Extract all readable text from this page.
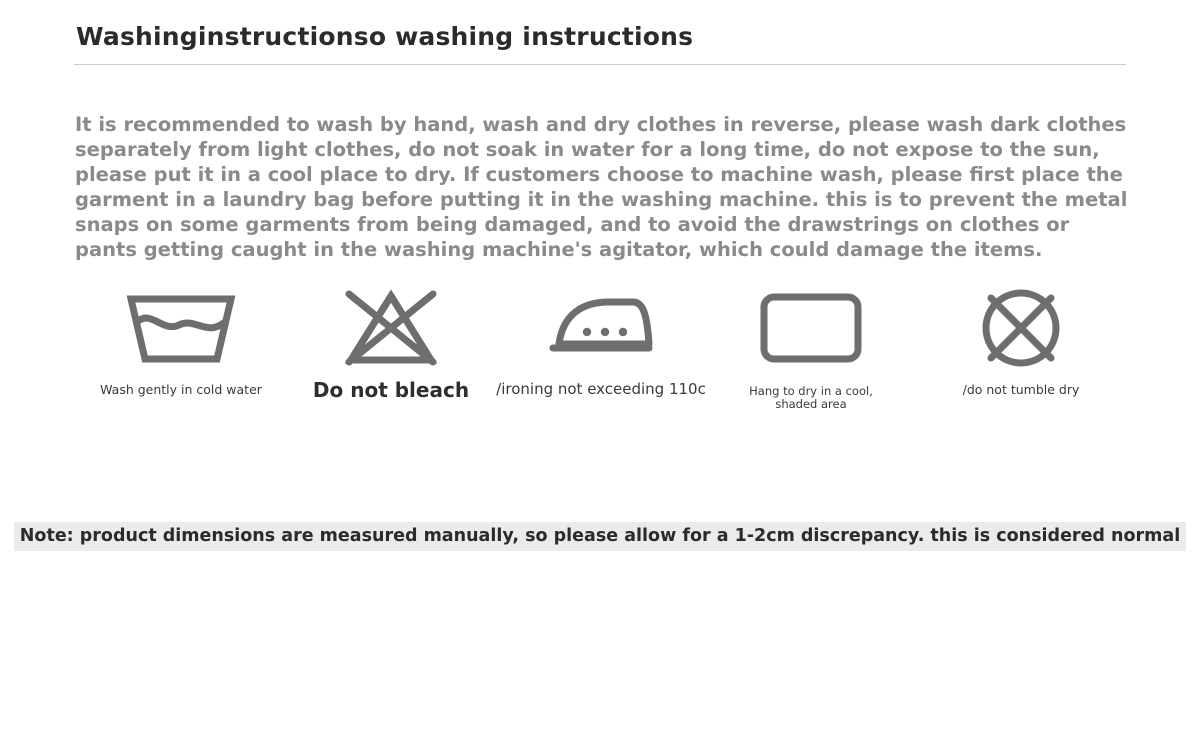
Washinginstructionso washing instructions
It is recommended to wash by hand, wash and dry clothes in reverse, please wash dark clothes separately from light clothes, do not soak in water for a long time, do not expose to the sun, please put it in a cool place to dry. If customers choose to machine wash, please first place the garment in a laundry bag before putting it in the washing machine. this is to prevent the metal snaps on some garments from being damaged, and to avoid the drawstrings on clothes or pants getting caught in the washing machine's agitator, which could damage the items.
Wash gently in cold water	Do not bleach /ironing not exceeding 110c	Hang to dry in a cool, shaded area
/do not tumble dry
Note: product dimensions are measured manually, so please allow for a 1-2cm discrepancy. this is considered normal
